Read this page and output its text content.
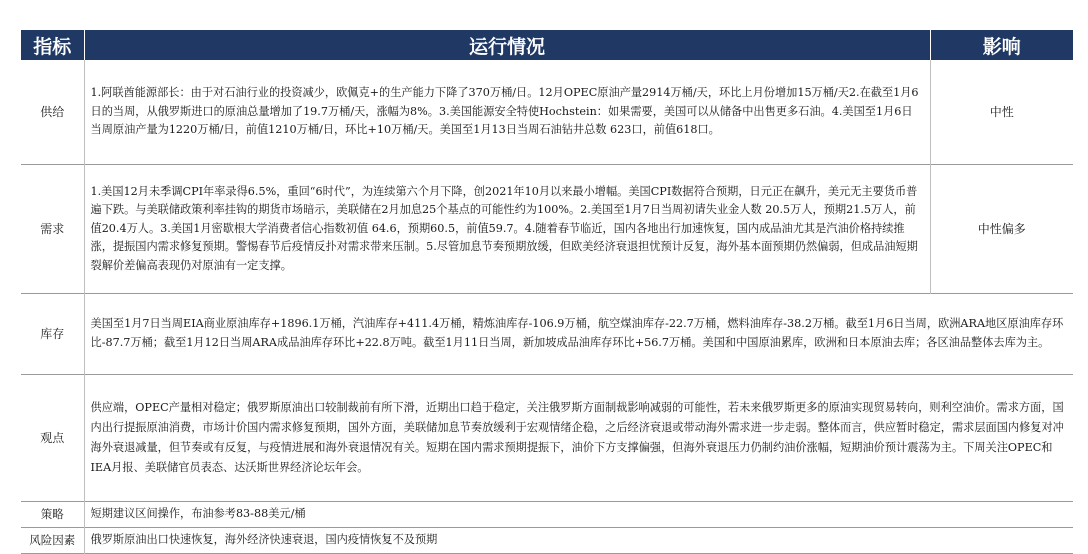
指标	运行情况	影响
供给	1.阿联酋能源部长：由于对石油行业的投资减少，欧佩克+的生产能力下降了370万桶/日。12月OPEC原油产量2914万桶/天，环比上月份增加15万桶/天2.在截至1月6日的当周，从俄罗斯进口的原油总量增加了19.7万桶/天，涨幅为8%。3.美国能源安全特使Hochstein：如果需要，美国可以从储备中出售更多石油。4.美国至1月6日当周原油产量为1220万桶/日，前值1210万桶/日，环比+10万桶/天。美国至1月13日当周石油钻井总数 623口，前值618口。	中性
需求	1.美国12月未季调CPI年率录得6.5%，重回“6时代”，为连续第六个月下降，创2021年10月以来最小增幅。美国CPI数据符合预期，日元正在飙升，美元无主要货币普遍下跌。与美联储政策利率挂钩的期货市场暗示，美联储在2月加息25个基点的可能性约为100%。2.美国至1月7日当周初请失业金人数 20.5万人，预期21.5万人，前值20.4万人。3.美国1月密歇根大学消费者信心指数初值 64.6，预期60.5，前值59.7。4.随着春节临近，国内各地出行加速恢复，国内成品油尤其是汽油价格持续推涨，提振国内需求修复预期。警惕春节后疫情反扑对需求带来压制。5.尽管加息节奏预期放缓，但欧美经济衰退担忧预计反复，海外基本面预期仍然偏弱，但成品油短期裂解价差偏高表现仍对原油有一定支撑。	中性偏多
库存	美国至1月7日当周EIA商业原油库存+1896.1万桶，汽油库存+411.4万桶，精炼油库存-106.9万桶，航空煤油库存-22.7万桶，燃料油库存-38.2万桶。截至1月6日当周，欧洲ARA地区原油库存环比-87.7万桶；截至1月12日当周ARA成品油库存环比+22.8万吨。截至1月11日当周，新加坡成品油库存环比+56.7万桶。美国和中国原油累库，欧洲和日本原油去库；各区油品整体去库为主。	
观点	供应端，OPEC产量相对稳定；俄罗斯原油出口较制裁前有所下滑，近期出口趋于稳定，关注俄罗斯方面制裁影响减弱的可能性，若未来俄罗斯更多的原油实现贸易转向，则利空油价。需求方面，国内出行提振原油消费，市场计价国内需求修复预期，国外方面，美联储加息节奏放缓利于宏观情绪企稳，之后经济衰退或带动海外需求进一步走弱。整体而言，供应暂时稳定，需求层面国内修复对冲海外衰退减量，但节奏或有反复，与疫情进展和海外衰退情况有关。短期在国内需求预期提振下，油价下方支撑偏强，但海外衰退压力仍制约油价涨幅，短期油价预计震荡为主。下周关注OPEC和IEA月报、美联储官员表态、达沃斯世界经济论坛年会。	
策略	短期建议区间操作，布油参考83-88美元/桶	
风险因素	俄罗斯原油出口快速恢复，海外经济快速衰退，国内疫情恢复不及预期	
